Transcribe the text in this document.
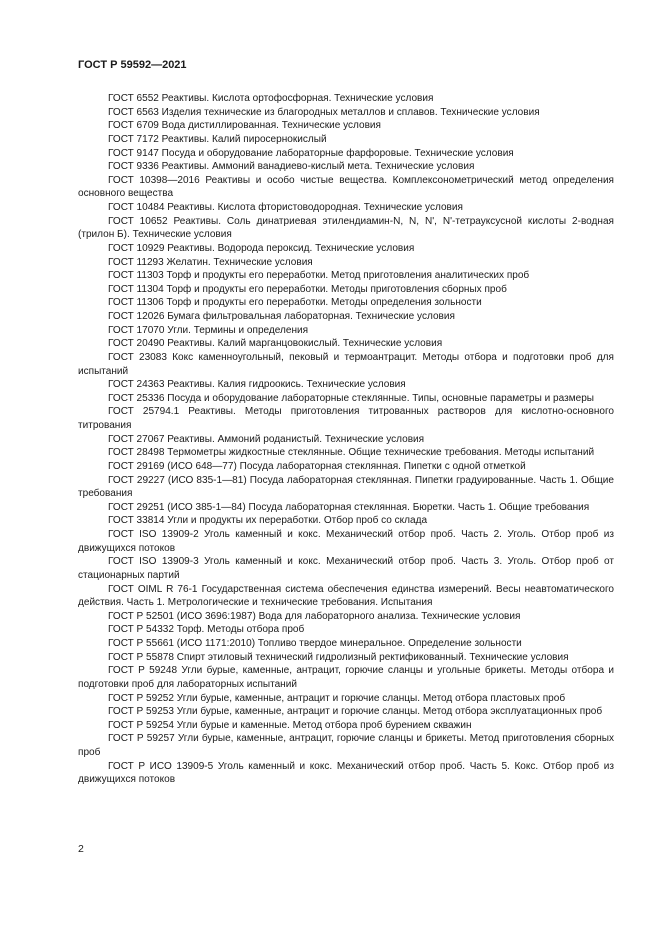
ГОСТ Р 59592—2021
ГОСТ 6552 Реактивы. Кислота ортофосфорная. Технические условия
ГОСТ 6563 Изделия технические из благородных металлов и сплавов. Технические условия
ГОСТ 6709 Вода дистиллированная. Технические условия
ГОСТ 7172 Реактивы. Калий пиросернокислый
ГОСТ 9147 Посуда и оборудование лабораторные фарфоровые. Технические условия
ГОСТ 9336 Реактивы. Аммоний ванадиево-кислый мета. Технические условия
ГОСТ 10398—2016 Реактивы и особо чистые вещества. Комплексонометрический метод определения основного вещества
ГОСТ 10484 Реактивы. Кислота фтористоводородная. Технические условия
ГОСТ 10652 Реактивы. Соль динатриевая этилендиамин-N, N, N', N'-тетрауксусной кислоты 2-водная (трилон Б). Технические условия
ГОСТ 10929 Реактивы. Водорода пероксид. Технические условия
ГОСТ 11293 Желатин. Технические условия
ГОСТ 11303 Торф и продукты его переработки. Метод приготовления аналитических проб
ГОСТ 11304 Торф и продукты его переработки. Методы приготовления сборных проб
ГОСТ 11306 Торф и продукты его переработки. Методы определения зольности
ГОСТ 12026 Бумага фильтровальная лабораторная. Технические условия
ГОСТ 17070 Угли. Термины и определения
ГОСТ 20490 Реактивы. Калий марганцовокислый. Технические условия
ГОСТ 23083 Кокс каменноугольный, пековый и термоантрацит. Методы отбора и подготовки проб для испытаний
ГОСТ 24363 Реактивы. Калия гидроокись. Технические условия
ГОСТ 25336 Посуда и оборудование лабораторные стеклянные. Типы, основные параметры и размеры
ГОСТ 25794.1 Реактивы. Методы приготовления титрованных растворов для кислотно-основного титрования
ГОСТ 27067 Реактивы. Аммоний роданистый. Технические условия
ГОСТ 28498 Термометры жидкостные стеклянные. Общие технические требования. Методы испытаний
ГОСТ 29169 (ИСО 648—77) Посуда лабораторная стеклянная. Пипетки с одной отметкой
ГОСТ 29227 (ИСО 835-1—81) Посуда лабораторная стеклянная. Пипетки градуированные. Часть 1. Общие требования
ГОСТ 29251 (ИСО 385-1—84) Посуда лабораторная стеклянная. Бюретки. Часть 1. Общие требования
ГОСТ 33814 Угли и продукты их переработки. Отбор проб со склада
ГОСТ ISO 13909-2 Уголь каменный и кокс. Механический отбор проб. Часть 2. Уголь. Отбор проб из движущихся потоков
ГОСТ ISO 13909-3 Уголь каменный и кокс. Механический отбор проб. Часть 3. Уголь. Отбор проб от стационарных партий
ГОСТ OIML R 76-1 Государственная система обеспечения единства измерений. Весы неавтоматического действия. Часть 1. Метрологические и технические требования. Испытания
ГОСТ Р 52501 (ИСО 3696:1987) Вода для лабораторного анализа. Технические условия
ГОСТ Р 54332 Торф. Методы отбора проб
ГОСТ Р 55661 (ИСО 1171:2010) Топливо твердое минеральное. Определение зольности
ГОСТ Р 55878 Спирт этиловый технический гидролизный ректификованный. Технические условия
ГОСТ Р 59248 Угли бурые, каменные, антрацит, горючие сланцы и угольные брикеты. Методы отбора и подготовки проб для лабораторных испытаний
ГОСТ Р 59252 Угли бурые, каменные, антрацит и горючие сланцы. Метод отбора пластовых проб
ГОСТ Р 59253 Угли бурые, каменные, антрацит и горючие сланцы. Метод отбора эксплуатационных проб
ГОСТ Р 59254 Угли бурые и каменные. Метод отбора проб бурением скважин
ГОСТ Р 59257 Угли бурые, каменные, антрацит, горючие сланцы и брикеты. Метод приготовления сборных проб
ГОСТ Р ИСО 13909-5 Уголь каменный и кокс. Механический отбор проб. Часть 5. Кокс. Отбор проб из движущихся потоков
2
